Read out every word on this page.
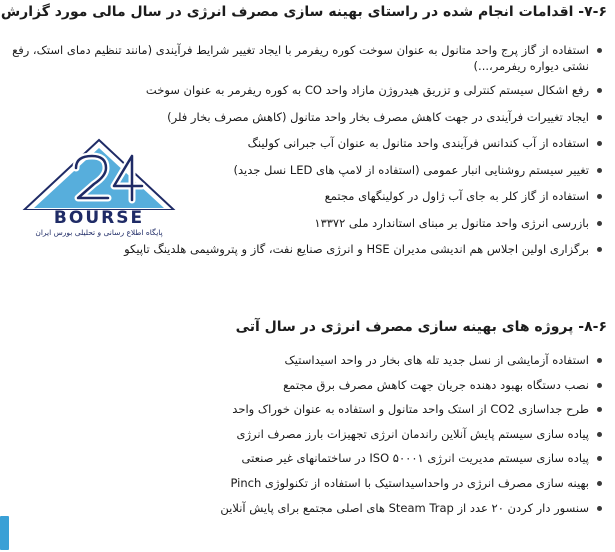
۷-۶- اقدامات انجام شده در راستای بهینه سازی مصرف انرژی در سال مالی مورد گزارش
استفاده از گاز پرج واحد متانول به عنوان سوخت کوره ریفرمر با ایجاد تغییر شرایط فرآیندی (مانند تنظیم دمای استک، رفع نشتی دیواره ریفرمر،...)
رفع اشکال سیستم کنترلی و تزریق هیدروژن مازاد واحد CO به کوره ریفرمر به عنوان سوخت
ایجاد تغییرات فرآیندی در جهت کاهش مصرف بخار واحد متانول (کاهش مصرف بخار فلر)
استفاده از آب کندانس فرآیندی واحد متانول به عنوان آب جبرانی کولینگ
تغییر سیستم روشنایی انبار عمومی (استفاده از لامپ های LED نسل جدید)
استفاده از گاز کلر به جای آب ژاول در کولینگهای مجتمع
بازرسی انرژی واحد متانول بر مبنای استاندارد ملی ۱۳۳۷۲
برگزاری اولین اجلاس هم اندیشی مدیران HSE و انرژی صنایع نفت، گاز و پتروشیمی هلدینگ تاپیکو
BOURSE
پایگاه اطلاع رسانی و تحلیلی بورس ایران
۸-۶- پروژه های بهینه سازی مصرف انرژی در سال آتی
استفاده آزمایشی از نسل جدید تله های بخار در واحد اسیداستیک
نصب دستگاه بهبود دهنده جریان جهت کاهش مصرف برق مجتمع
طرح جداسازی CO2 از استک واحد متانول و استفاده به عنوان خوراک واحد
پیاده سازی سیستم پایش آنلاین راندمان انرژی تجهیزات بارز مصرف انرژی
پیاده سازی سیستم مدیریت انرژی ISO ۵۰۰۰۱ در ساختمانهای غیر صنعتی
بهینه سازی مصرف انرژی در واحداسیداستیک با استفاده از تکنولوژی Pinch
سنسور دار کردن ۲۰ عدد از Steam Trap های اصلی مجتمع برای پایش آنلاین
